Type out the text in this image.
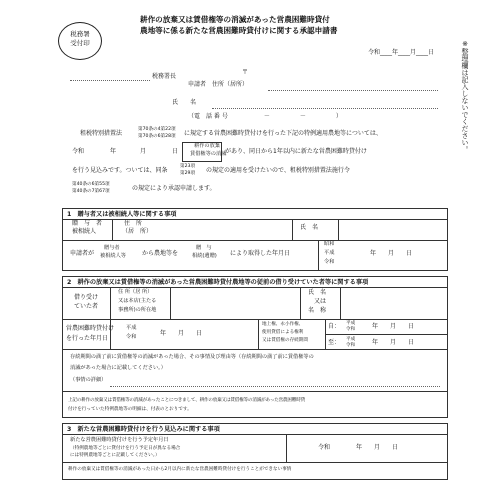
税務署
受付印
耕作の放棄又は賃借権等の消滅があった営農困難時貸付
農地等に係る新たな営農困難時貸付けに関する承認申請書
※整理欄は記入しないでください。
令和____年____月____日
税務署長
〒
申請者　住所（居所）
氏　　名
（電　話 番 号　　　　　　－　　　　　－　　　　　）
租税特別措置法
第70条の4第22項
第70条の6第28項 に規定する営農困難時貸付けを行った下記の特例適用農地等については、
令和	年	月	日
耕作の放棄
賃借権等の消滅
があり、同日から1年以内に新たな営農困難時貸付け
を行う見込みです。ついては、同条
第23項
第29項 の規定の適用を受けたいので、租税特別措置法施行令
第40条の6第55項
第40条の7第67項	の規定により承認申請します。
1　贈与者又は被相続人等に関する事項
贈　与　者
被相続人
住　所
（居　所）
氏　名
申請者が
贈与者
被相続人等	から農地等を
贈　与
相続(遺贈) により取得した年月日
昭和
平成
令和
年　　月　　日
2　耕作の放棄又は賃借権等の消滅があった営農困難時貸付農地等の従前の借り受けていた者等に関する事項
借り受け
ていた者
住 所（居 所）
又は本店(主たる
事務所)の所在地
氏　名
又は
名　称
営農困難時貸付け
を行った年月日
平成
令和	年　　月　　日
地上権、永小作権、
使用貸借による権利
又は賃借権の存続期間
自： 平成
令和	年　　月　　日
至： 平成
令和	年　　月　　日
存続期間の満了前に賃借権等の消滅があった場合、その事情及び理由等（存続期間の満了前に賃借権等の
消滅があった場合に記載してください。）
（事情の詳細）
上記の耕作の放棄又は賃借権等の消滅があったことにつきまして、耕作の放棄又は賃借権等の消滅があった営農困難時貸
付けを行っていた特例農地等の明細は、付表のとおりです。
3　新たな営農困難時貸付けを行う見込みに関する事項
新たな営農困難時貸付けを行う予定年月日
（特例農地等ごとに貸付けを行う予定日が異なる場合
には特例農地等ごとに記載してください。）
令和	年　　月　　日
耕作の放棄又は賃借権等の消滅があった日から2月以内に新たな営農困難時貸付けを行うことができない事情
